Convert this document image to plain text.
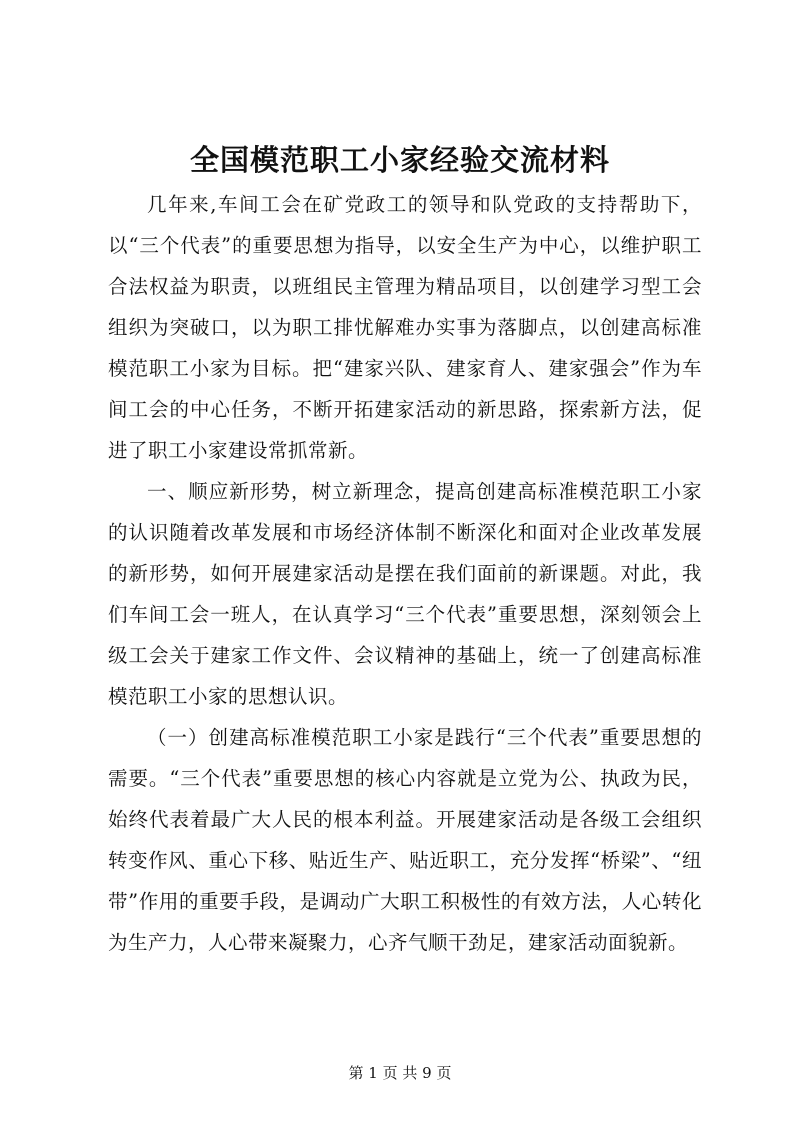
全国模范职工小家经验交流材料

几年来,车间工会在矿党政工的领导和队党政的支持帮助下，以“三个代表”的重要思想为指导，以安全生产为中心，以维护职工合法权益为职责，以班组民主管理为精品项目，以创建学习型工会组织为突破口，以为职工排忧解难办实事为落脚点，以创建高标准模范职工小家为目标。把“建家兴队、建家育人、建家强会”作为车间工会的中心任务，不断开拓建家活动的新思路，探索新方法，促进了职工小家建设常抓常新。

一、顺应新形势，树立新理念，提高创建高标准模范职工小家的认识随着改革发展和市场经济体制不断深化和面对企业改革发展的新形势，如何开展建家活动是摆在我们面前的新课题。对此，我们车间工会一班人，在认真学习“三个代表”重要思想，深刻领会上级工会关于建家工作文件、会议精神的基础上，统一了创建高标准模范职工小家的思想认识。

（一）创建高标准模范职工小家是践行“三个代表”重要思想的需要。“三个代表”重要思想的核心内容就是立党为公、执政为民，始终代表着最广大人民的根本利益。开展建家活动是各级工会组织转变作风、重心下移、贴近生产、贴近职工，充分发挥“桥梁”、“纽带”作用的重要手段，是调动广大职工积极性的有效方法，人心转化为生产力，人心带来凝聚力，心齐气顺干劲足，建家活动面貌新。

第 1 页 共 9 页
